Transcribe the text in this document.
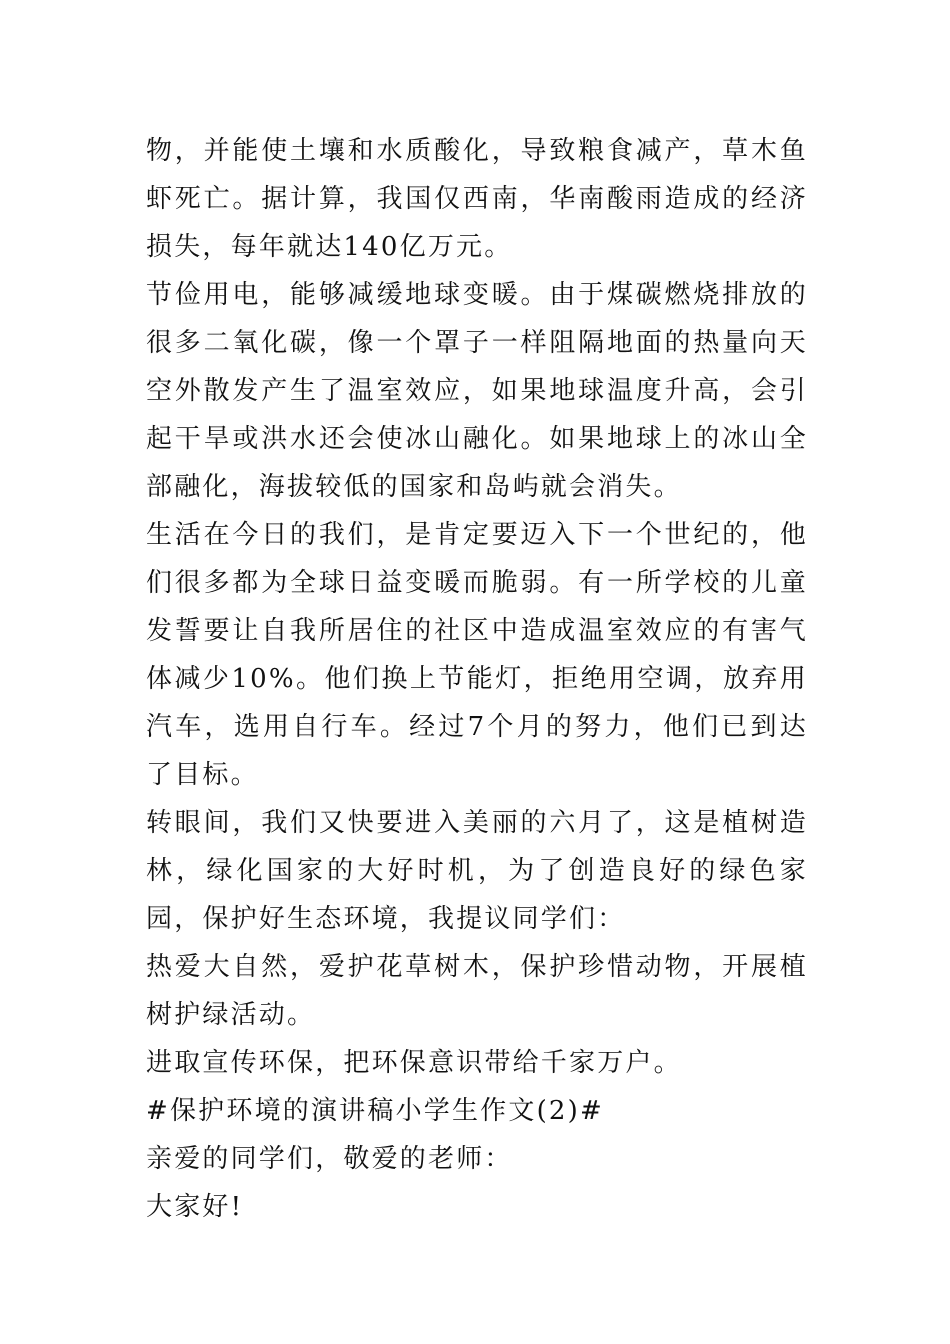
物，并能使土壤和水质酸化，导致粮食减产，草木鱼虾死亡。据计算，我国仅西南，华南酸雨造成的经济损失，每年就达140亿万元。

节俭用电，能够减缓地球变暖。由于煤碳燃烧排放的很多二氧化碳，像一个罩子一样阻隔地面的热量向天空外散发产生了温室效应，如果地球温度升高，会引起干旱或洪水还会使冰山融化。如果地球上的冰山全部融化，海拔较低的国家和岛屿就会消失。

生活在今日的我们，是肯定要迈入下一个世纪的，他们很多都为全球日益变暖而脆弱。有一所学校的儿童发誓要让自我所居住的社区中造成温室效应的有害气体减少10%。他们换上节能灯，拒绝用空调，放弃用汽车，选用自行车。经过7个月的努力，他们已到达了目标。

转眼间，我们又快要进入美丽的六月了，这是植树造林，绿化国家的大好时机，为了创造良好的绿色家园，保护好生态环境，我提议同学们：

热爱大自然，爱护花草树木，保护珍惜动物，开展植树护绿活动。

进取宣传环保，把环保意识带给千家万户。

#保护环境的演讲稿小学生作文(2)#

亲爱的同学们，敬爱的老师：

大家好!
